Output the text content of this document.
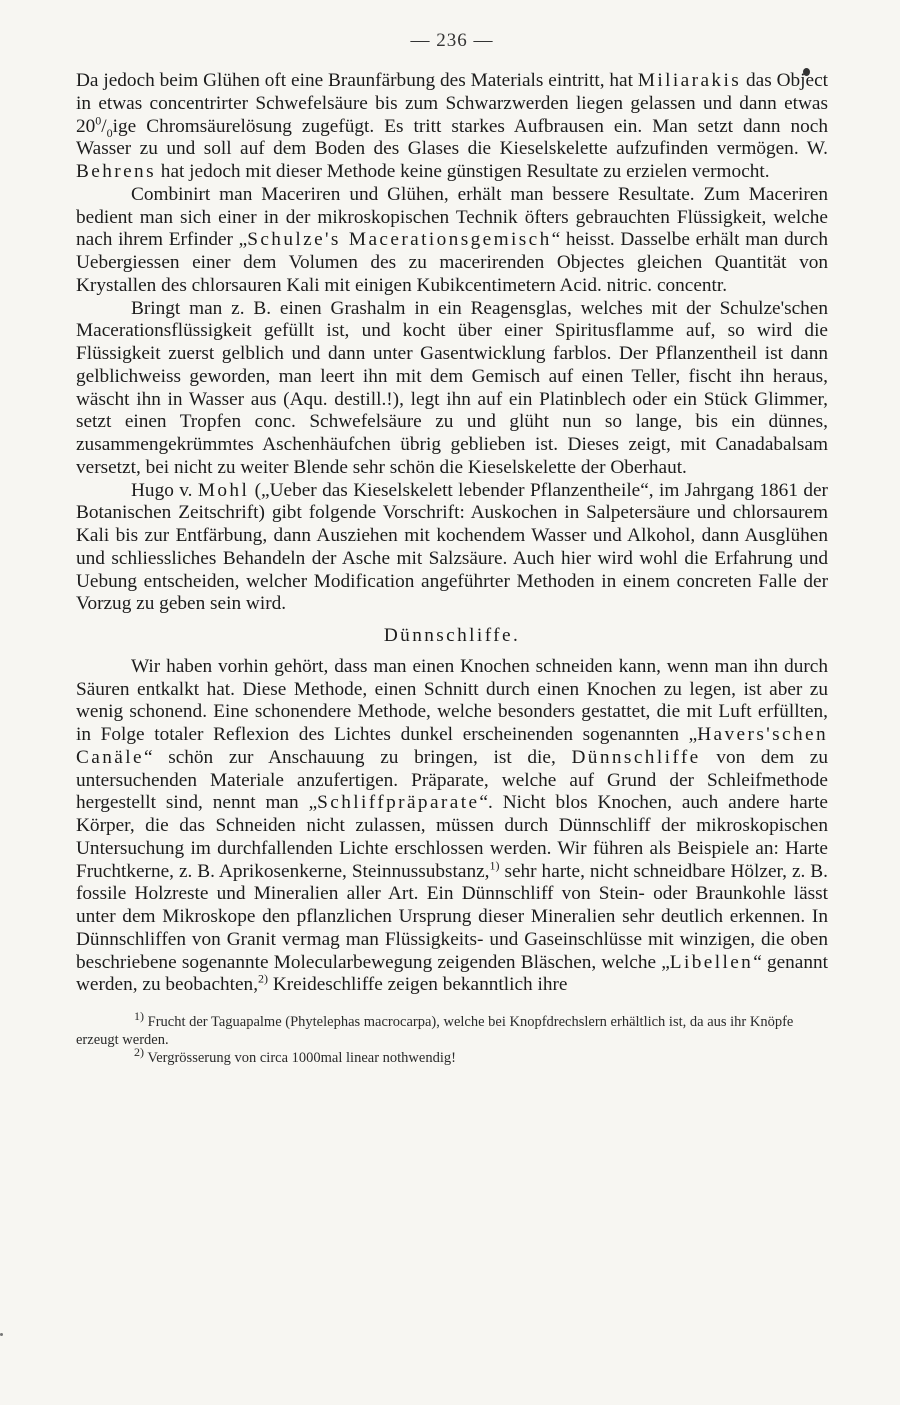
— 236 —

Da jedoch beim Glühen oft eine Braunfärbung des Materials eintritt, hat Miliarakis das Object in etwas concentrirter Schwefelsäure bis zum Schwarzwerden liegen gelassen und dann etwas $20^0/_0ige$ Chromsäurelösung zugefügt. Es tritt starkes Aufbrausen ein. Man setzt dann noch Wasser zu und soll auf dem Boden des Glases die Kieselskelette aufzufinden vermögen. W. Behrens hat jedoch mit dieser Methode keine günstigen Resultate zu erzielen vermocht.

Combinirt man Maceriren und Glühen, erhält man bessere Resultate. Zum Maceriren bedient man sich einer in der mikroskopischen Technik öfters gebrauchten Flüssigkeit, welche nach ihrem Erfinder „Schulze's Macerationsgemisch“ heisst. Dasselbe erhält man durch Uebergiessen einer dem Volumen des zu macerirenden Objectes gleichen Quantität von Krystallen des chlorsauren Kali mit einigen Kubikcentimetern Acid. nitric. concentr.

Bringt man z. B. einen Grashalm in ein Reagensglas, welches mit der Schulze'schen Macerationsflüssigkeit gefüllt ist, und kocht über einer Spiritusflamme auf, so wird die Flüssigkeit zuerst gelblich und dann unter Gasentwicklung farblos. Der Pflanzentheil ist dann gelblichweiss geworden, man leert ihn mit dem Gemisch auf einen Teller, fischt ihn heraus, wäscht ihn in Wasser aus (Aqu. destill.!), legt ihn auf ein Platinblech oder ein Stück Glimmer, setzt einen Tropfen conc. Schwefelsäure zu und glüht nun so lange, bis ein dünnes, zusammengekrümmtes Aschenhäufchen übrig geblieben ist. Dieses zeigt, mit Canadabalsam versetzt, bei nicht zu weiter Blende sehr schön die Kieselskelette der Oberhaut.

Hugo v. Mohl („Ueber das Kieselskelett lebender Pflanzentheile“, im Jahrgang 1861 der Botanischen Zeitschrift) gibt folgende Vorschrift: Auskochen in Salpetersäure und chlorsaurem Kali bis zur Entfärbung, dann Ausziehen mit kochendem Wasser und Alkohol, dann Ausglühen und schliessliches Behandeln der Asche mit Salzsäure. Auch hier wird wohl die Erfahrung und Uebung entscheiden, welcher Modification angeführter Methoden in einem concreten Falle der Vorzug zu geben sein wird.

Dünnschliffe.

Wir haben vorhin gehört, dass man einen Knochen schneiden kann, wenn man ihn durch Säuren entkalkt hat. Diese Methode, einen Schnitt durch einen Knochen zu legen, ist aber zu wenig schonend. Eine schonendere Methode, welche besonders gestattet, die mit Luft erfüllten, in Folge totaler Reflexion des Lichtes dunkel erscheinenden sogenannten „Havers'schen Canäle“ schön zur Anschauung zu bringen, ist die, Dünnschliffe von dem zu untersuchenden Materiale anzufertigen. Präparate, welche auf Grund der Schleifmethode hergestellt sind, nennt man „Schliffpräparate“. Nicht blos Knochen, auch andere harte Körper, die das Schneiden nicht zulassen, müssen durch Dünnschliff der mikroskopischen Untersuchung im durchfallenden Lichte erschlossen werden. Wir führen als Beispiele an: Harte Fruchtkerne, z. B. Aprikosenkerne, Steinnussubstanz,$^{1)}$ sehr harte, nicht schneidbare Hölzer, z. B. fossile Holzreste und Mineralien aller Art. Ein Dünnschliff von Stein- oder Braunkohle lässt unter dem Mikroskope den pflanzlichen Ursprung dieser Mineralien sehr deutlich erkennen. In Dünnschliffen von Granit vermag man Flüssigkeits- und Gaseinschlüsse mit winzigen, die oben beschriebene sogenannte Molecularbewegung zeigenden Bläschen, welche „Libellen“ genannt werden, zu beobachten,$^{2)}$ Kreideschliffe zeigen bekanntlich ihre

$^{1)}$ Frucht der Taguapalme (Phytelephas macrocarpa), welche bei Knopfdrechslern erhältlich ist, da aus ihr Knöpfe erzeugt werden.

$^{2)}$ Vergrösserung von circa 1000mal linear nothwendig!
